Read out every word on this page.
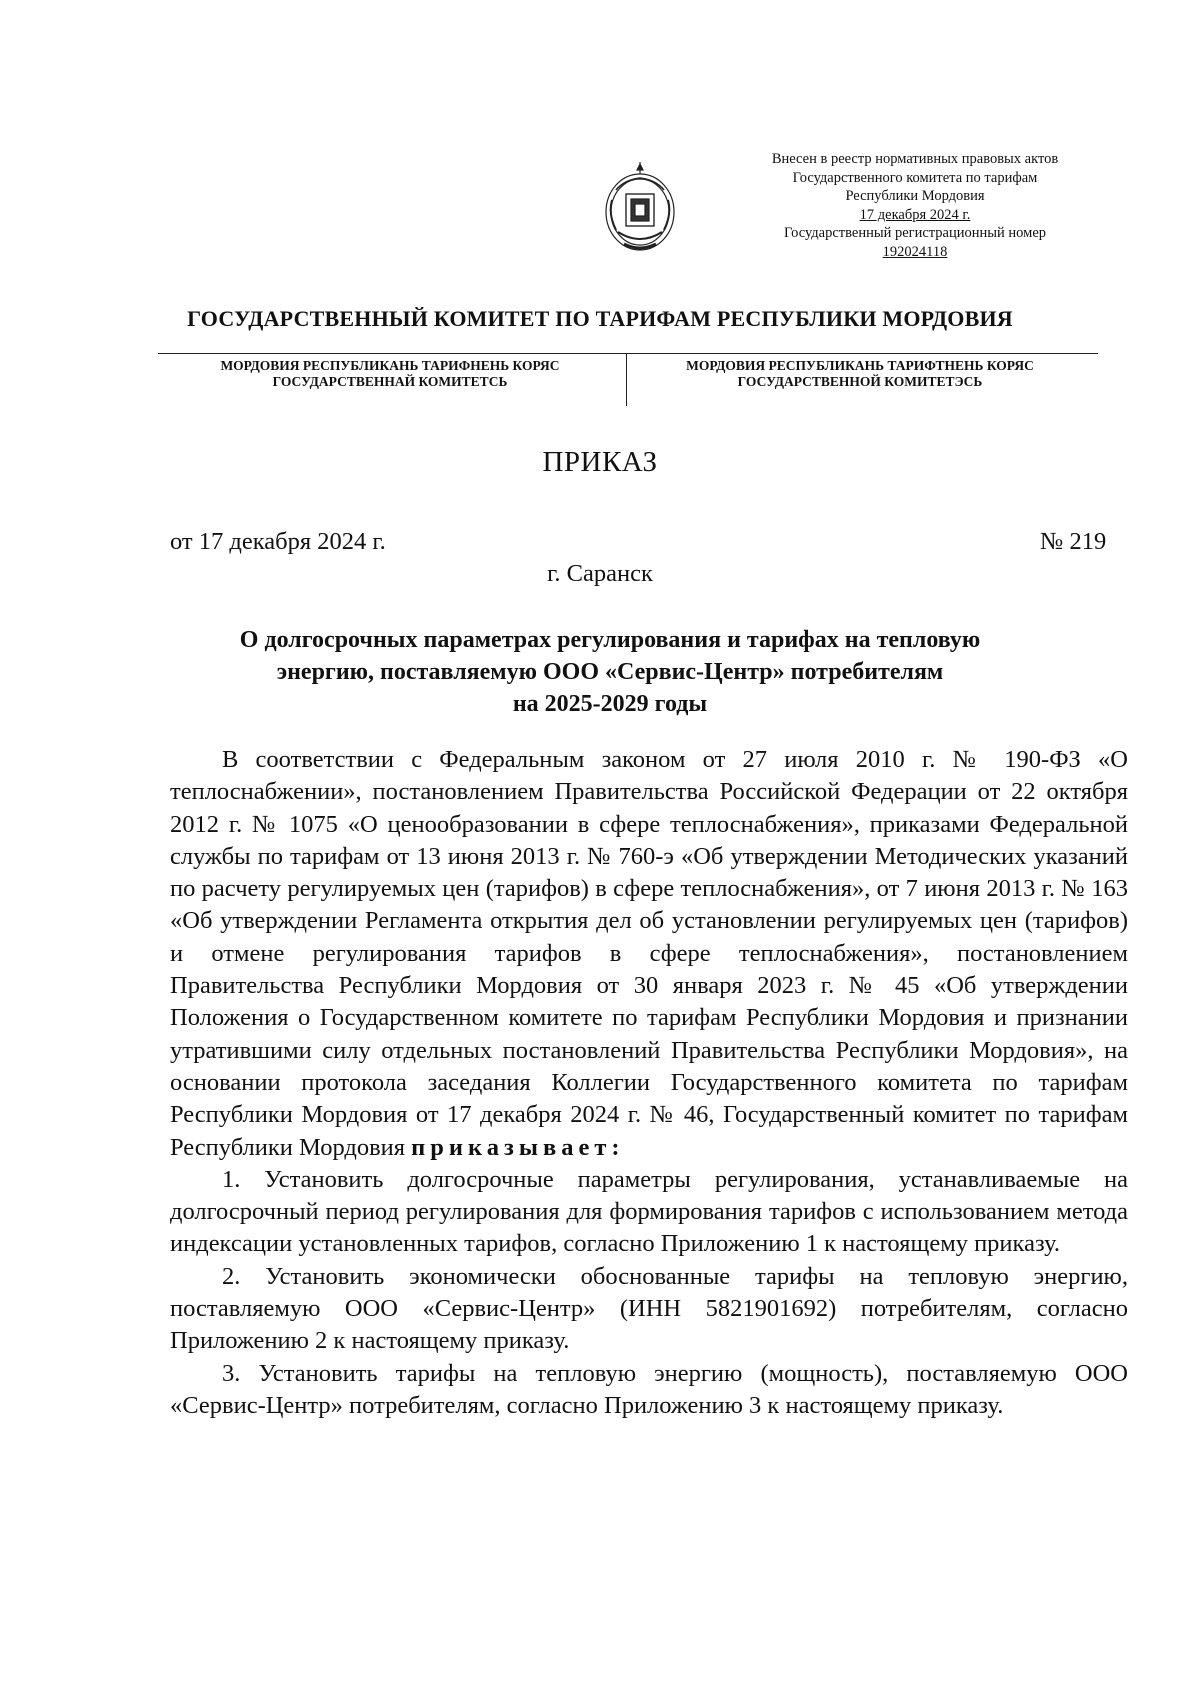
Внесен в реестр нормативных правовых актов
Государственного комитета по тарифам
Республики Мордовия
17 декабря 2024 г.
Государственный регистрационный номер
192024118
ГОСУДАРСТВЕННЫЙ КОМИТЕТ ПО ТАРИФАМ РЕСПУБЛИКИ МОРДОВИЯ
МОРДОВИЯ РЕСПУБЛИКАНЬ ТАРИФНЕНЬ КОРЯС
ГОСУДАРСТВЕННАЙ КОМИТЕТСЬ
МОРДОВИЯ РЕСПУБЛИКАНЬ ТАРИФТНЕНЬ КОРЯС
ГОСУДАРСТВЕННОЙ КОМИТЕТЭСЬ
ПРИКАЗ
от 17 декабря 2024 г.	№ 219
г. Саранск
О долгосрочных параметрах регулирования и тарифах на тепловую
энергию, поставляемую ООО «Сервис-Центр» потребителям
на 2025-2029 годы

В соответствии с Федеральным законом от 27 июля 2010 г. № 190-ФЗ «О теплоснабжении», постановлением Правительства Российской Федерации от 22 октября 2012 г. № 1075 «О ценообразовании в сфере теплоснабжения», приказами Федеральной службы по тарифам от 13 июня 2013 г. № 760-э «Об утверждении Методических указаний по расчету регулируемых цен (тарифов) в сфере теплоснабжения», от 7 июня 2013 г. № 163 «Об утверждении Регламента открытия дел об установлении регулируемых цен (тарифов) и отмене регулирования тарифов в сфере теплоснабжения», постановлением Правительства Республики Мордовия от 30 января 2023 г. № 45 «Об утверждении Положения о Государственном комитете по тарифам Республики Мордовия и признании утратившими силу отдельных постановлений Правительства Республики Мордовия», на основании протокола заседания Коллегии Государственного комитета по тарифам Республики Мордовия от 17 декабря 2024 г. № 46, Государственный комитет по тарифам Республики Мордовия приказывает:

1. Установить долгосрочные параметры регулирования, устанавливаемые на долгосрочный период регулирования для формирования тарифов с использованием метода индексации установленных тарифов, согласно Приложению 1 к настоящему приказу.

2. Установить экономически обоснованные тарифы на тепловую энергию, поставляемую ООО «Сервис-Центр» (ИНН 5821901692) потребителям, согласно Приложению 2 к настоящему приказу.

3. Установить тарифы на тепловую энергию (мощность), поставляемую ООО «Сервис-Центр» потребителям, согласно Приложению 3 к настоящему приказу.
